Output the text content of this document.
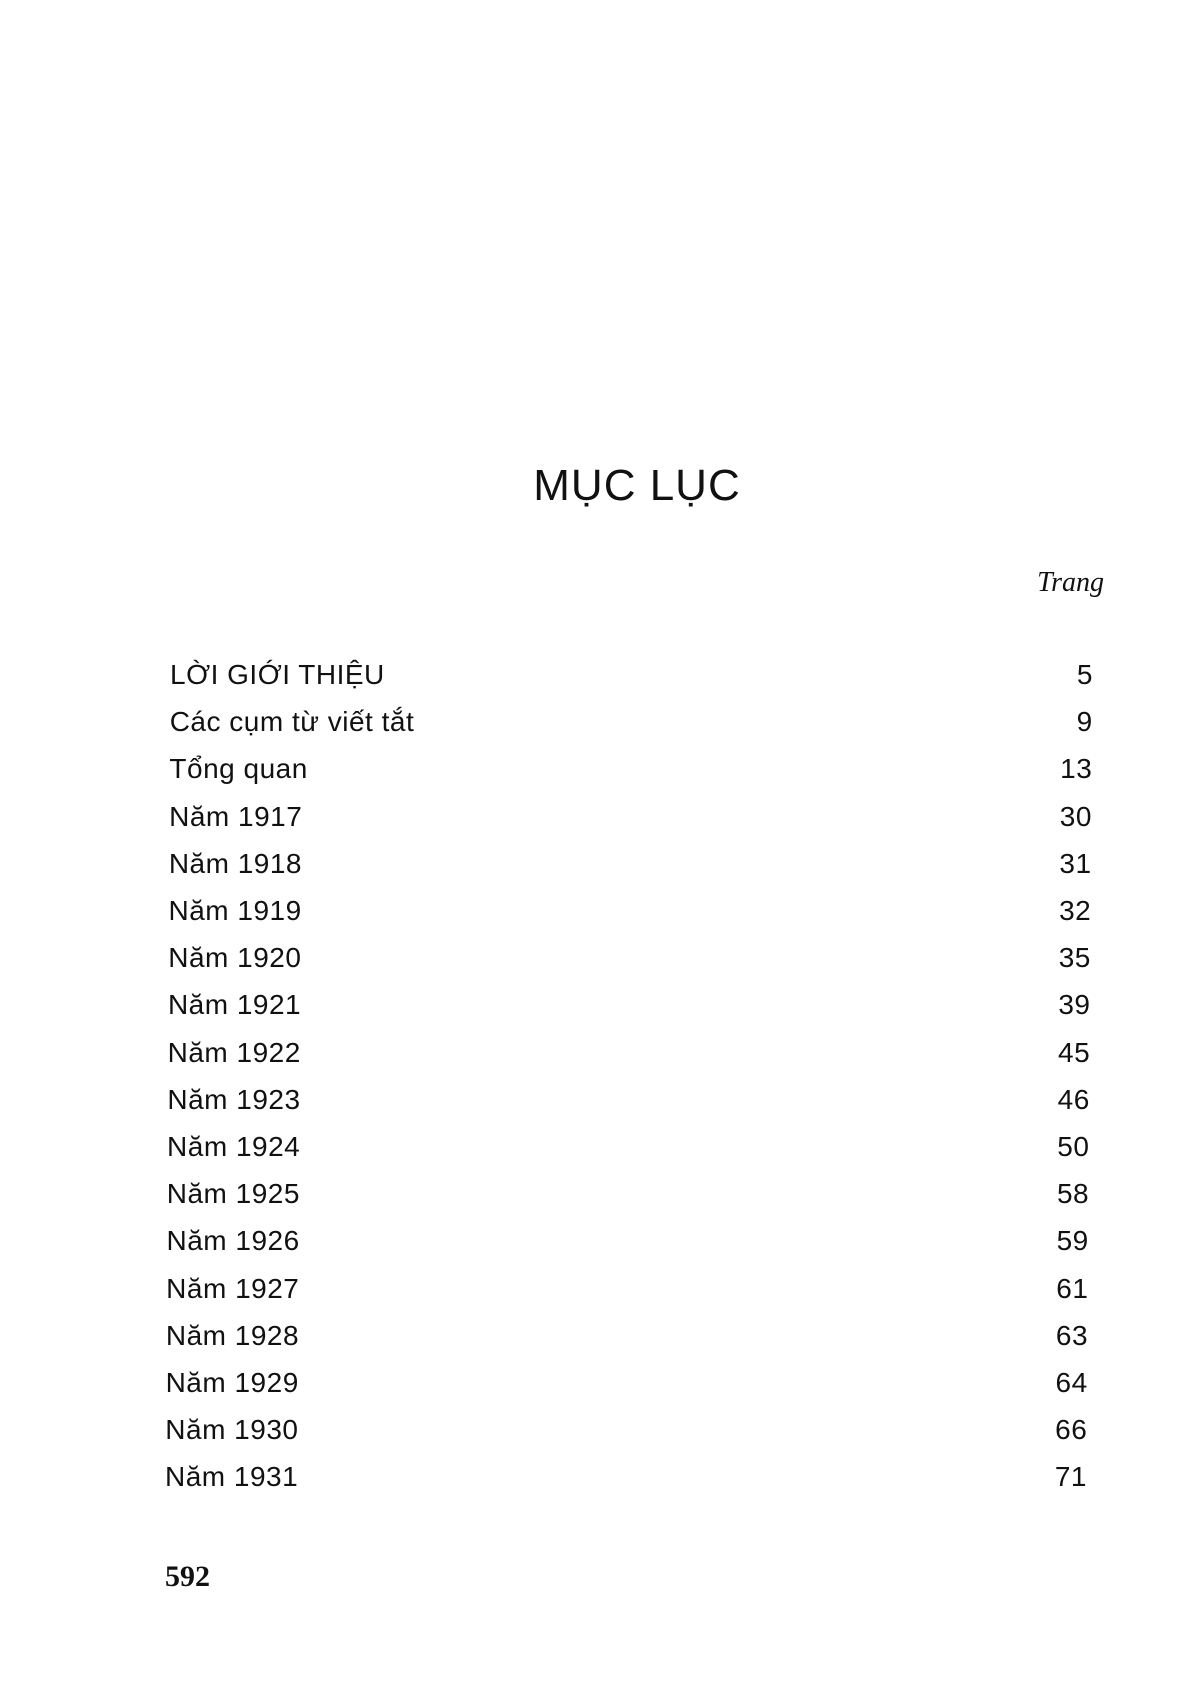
MỤC LỤC
Trang
LỜI GIỚI THIỆU	5
Các cụm từ viết tắt	9
Tổng quan	13
Năm 1917	30
Năm 1918	31
Năm 1919	32
Năm 1920	35
Năm 1921	39
Năm 1922	45
Năm 1923	46
Năm 1924	50
Năm 1925	58
Năm 1926	59
Năm 1927	61
Năm 1928	63
Năm 1929	64
Năm 1930	66
Năm 1931	71
592
